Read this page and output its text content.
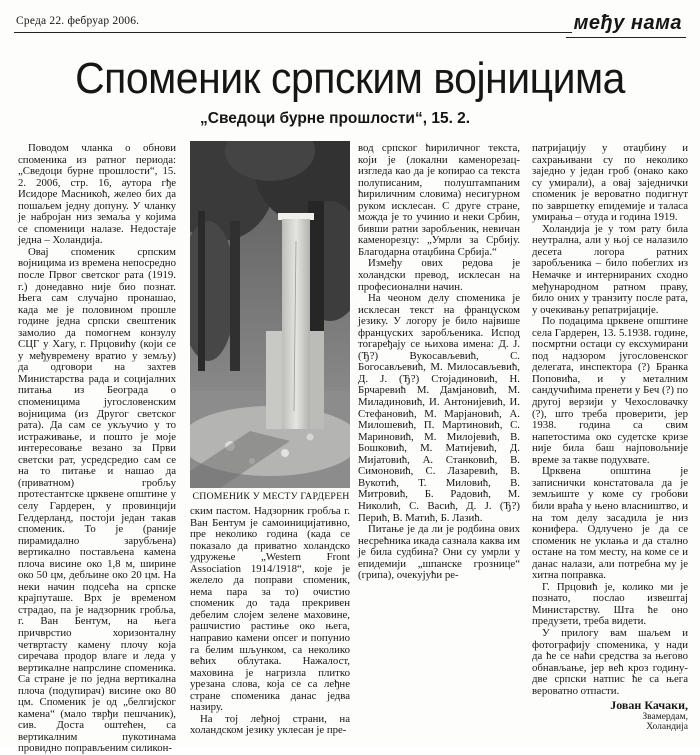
Среда 22. фебруар 2006.	међу нама
Споменик српским војницима
„Сведоци бурне прошлости“, 15. 2.

Поводом чланка о обнови споменика из ратног периода: „Сведоци бурне прошлости“, 15. 2. 2006, стр. 16, аутора гђе Исидоре Масникоћ, желео бих да пошаљем једну допуну. У чланку је набројан низ земаља у којима се споменици налазе. Недостаје једна – Холандија.

Овај споменик српским војницима из времена непосредно после Првог светског рата (1919. г.) донедавно није био познат. Њега сам случајно пронашао, када ме је половином прошле године једна српски свештеник замолио да помогнем конзулу СЦГ у Хагу, г. Прцовићу (који се у међувремену вратио у земљу) да одговори на захтев Министарства рада и социјалних питања из Београда о споменицима југословенским војницима (из Другог светског рата). Да сам се укључио у то истраживање, и пошто је моје интересовање везано за Први светски рат, усредсредио сам се на то питање и нашао да (приватном) гробљу протестантске црквене општине у селу Гардерен, у провинцији Гелдерланд, постоји један такав споменик. То је (раније пирамидално зарубљена) вертикално постављена камена плоча висине око 1,8 м, ширине око 50 цм, дебљине око 20 цм. На неки начин подсећа на српске крајпуташе. Врх је временом страдао, па је надзорник гробља, г. Ван Бентум, на њега причврстио хоризонталну четвртасту камену плочу која сиречава продор влаге и леда у вертикалне напрслине споменика. Са стране је по једна вертикална плоча (подупирач) висине око 80 цм. Споменик је од „белгијског камена“ (мало тврђи пешчаник), сив. Доста оштећен, са вертикалним пукотинама провидно поправљеним силикон-

СПОМЕНИК У МЕСТУ ГАРДЕРЕН

ским пастом. Надзорник гробља г. Ван Бентум је самоиницијативно, пре неколико година (када се показало да приватно холандско удружење „Western Front Association 1914/1918“, које је желело да поправи споменик, нема пара за то) очистио споменик до тада прекривен дебелим слојем зелене маховине, рашчистио растиње око њега, направио камени опсег и попунио га белим шљунком, са неколико већих облутака. Нажалост, маховина је нагризла плитко урезана слова, која се са леђне стране споменика данас једва назиру.

На тој леђној страни, на холандском језику уклесан је пре-

вод српског ћириличног текста, који је (локални каменорезац-изгледа као да је копирао са текста полуписаним, полуштампаним ћириличним словима) несигурном руком исклесан. С друге стране, можда је то учинио и неки Србин, бивши ратни заробљеник, невичан каменорезцу: „Умрли за Србију. Благодарна отаџбина Србија.“

Између ових редова је холандски превод, исклесан на професионални начин.

На чеоном делу споменика је исклесан текст на француском језику. У логору је било највише француских заробљеника. Испод тогаређају се њихова имена: Д. Ј. (Ђ?) Вукосављевић, С. Богосављевић, М. Милосављевић, Д. Ј. (Ђ?) Стојадиновић, Н. Брчаревић М. Дамјановић, М. Миладиновић, И. Антонијевић, И. Стефановић, М. Марјановић, А. Милошевић, П. Мартиновић, С. Мариновић, М. Милојевић, В. Бошковић, М. Матијевић, Д. Мијатовић, А. Станковић, В. Симоновић, С. Лазаревић, В. Вукотић, Т. Миловић, В. Митровић, Б. Радовић, М. Николић, С. Васић, Д. Ј. (Ђ?) Перић, В. Матић, Б. Лазић.

Питање је да ли је родбина ових несрећника икада сазнала каква им је била судбина? Они су умрли у епидемији „шпанске грознице“ (грипа), очекујући ре-

патријацију у отаџбину и сахрањивани су по неколико заједно у један гроб (онако како су умирали), а овај заједнички споменик је вероватно подигнут по завршетку епидемије и таласа умирања – отуда и година 1919.

Холандија је у том рату била неутрална, али у њој се налазило десета логора ратних заробљеника – било побеглих из Немачке и интернираних сходно међународном ратном праву, било оних у транзиту после рата, у очекивању репатријације.

По подацима црквене општине села Гардерен, 13. 5.1938. године, посмртни остаци су ексхумирани под надзором југословенског делегата, инспектора (?) Бранка Поповића, и у металним сандучићима пренети у Беч (?) по другој верзији у Чехословачку (?), што треба проверити, јер 1938. година са свим напетостима око судетске кризе није била баш најповољније време за такве подухвате.

Црквена општина је записнички констатовала да је земљиште у коме су гробови били враћа у њено власништво, и на том делу засадила је низ конифера. Одлучено је да се споменик не уклања и да стално остане на том месту, на коме се и данас налази, али потребна му је хитна поправка.

Г. Прцовић је, колико ми је познато, послао извештај Министарству. Шта ће оно предузети, треба видети.

У прилогу вам шаљем и фотографију споменика, у нади да ће се наћи средства за његово обнављање, јер већ крoз годину-две српски натпис ће са њега вероватно отпасти.

Јован Качаки,
Звамердам,
Холандија
